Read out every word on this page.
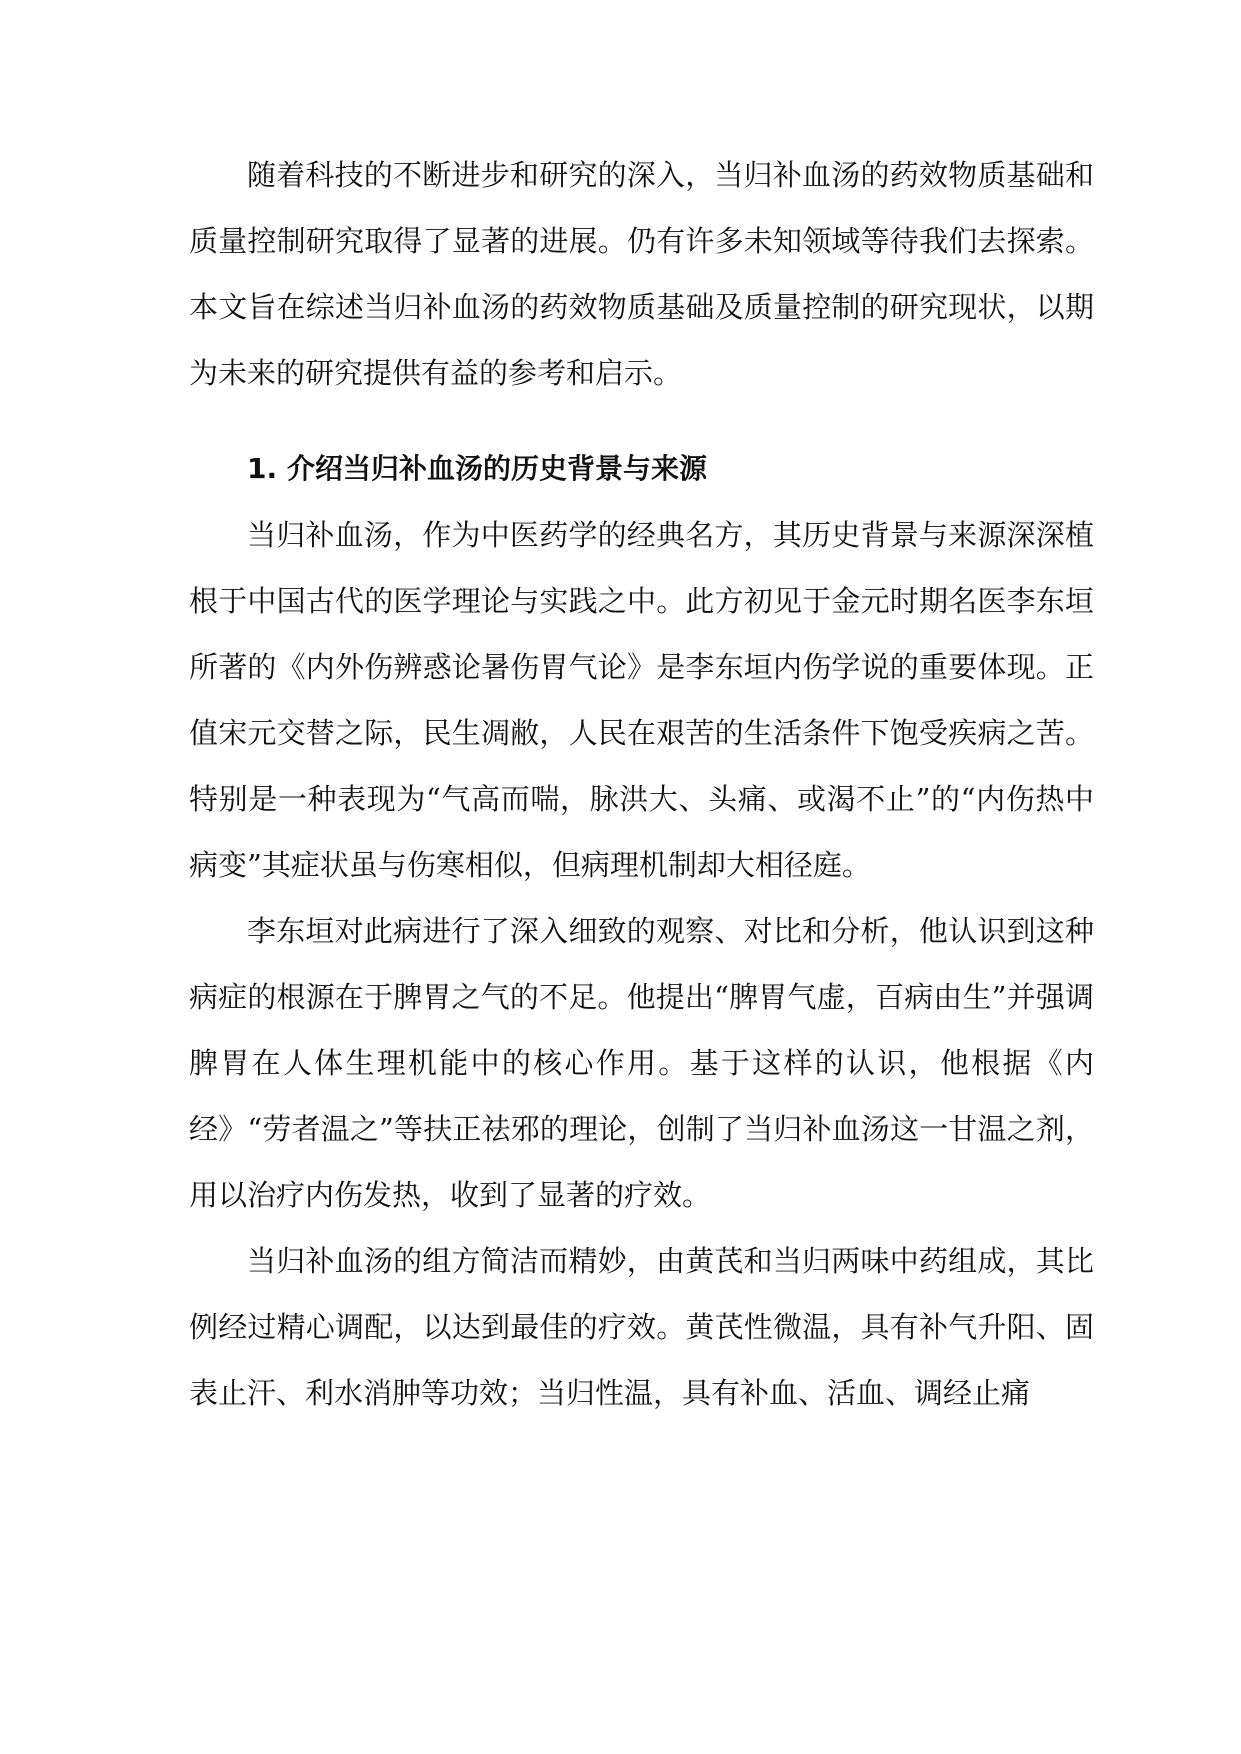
随着科技的不断进步和研究的深入，当归补血汤的药效物质基础和质量控制研究取得了显著的进展。仍有许多未知领域等待我们去探索。本文旨在综述当归补血汤的药效物质基础及质量控制的研究现状，以期为未来的研究提供有益的参考和启示。

1. 介绍当归补血汤的历史背景与来源

当归补血汤，作为中医药学的经典名方，其历史背景与来源深深植根于中国古代的医学理论与实践之中。此方初见于金元时期名医李东垣所著的《内外伤辨惑论暑伤胃气论》是李东垣内伤学说的重要体现。正值宋元交替之际，民生凋敝，人民在艰苦的生活条件下饱受疾病之苦。特别是一种表现为“气高而喘，脉洪大、头痛、或渴不止”的“内伤热中病变”其症状虽与伤寒相似，但病理机制却大相径庭。

李东垣对此病进行了深入细致的观察、对比和分析，他认识到这种病症的根源在于脾胃之气的不足。他提出“脾胃气虚，百病由生”并强调脾胃在人体生理机能中的核心作用。基于这样的认识，他根据《内经》“劳者温之”等扶正祛邪的理论，创制了当归补血汤这一甘温之剂，用以治疗内伤发热，收到了显著的疗效。

当归补血汤的组方简洁而精妙，由黄芪和当归两味中药组成，其比例经过精心调配，以达到最佳的疗效。黄芪性微温，具有补气升阳、固表止汗、利水消肿等功效；当归性温，具有补血、活血、调经止痛
